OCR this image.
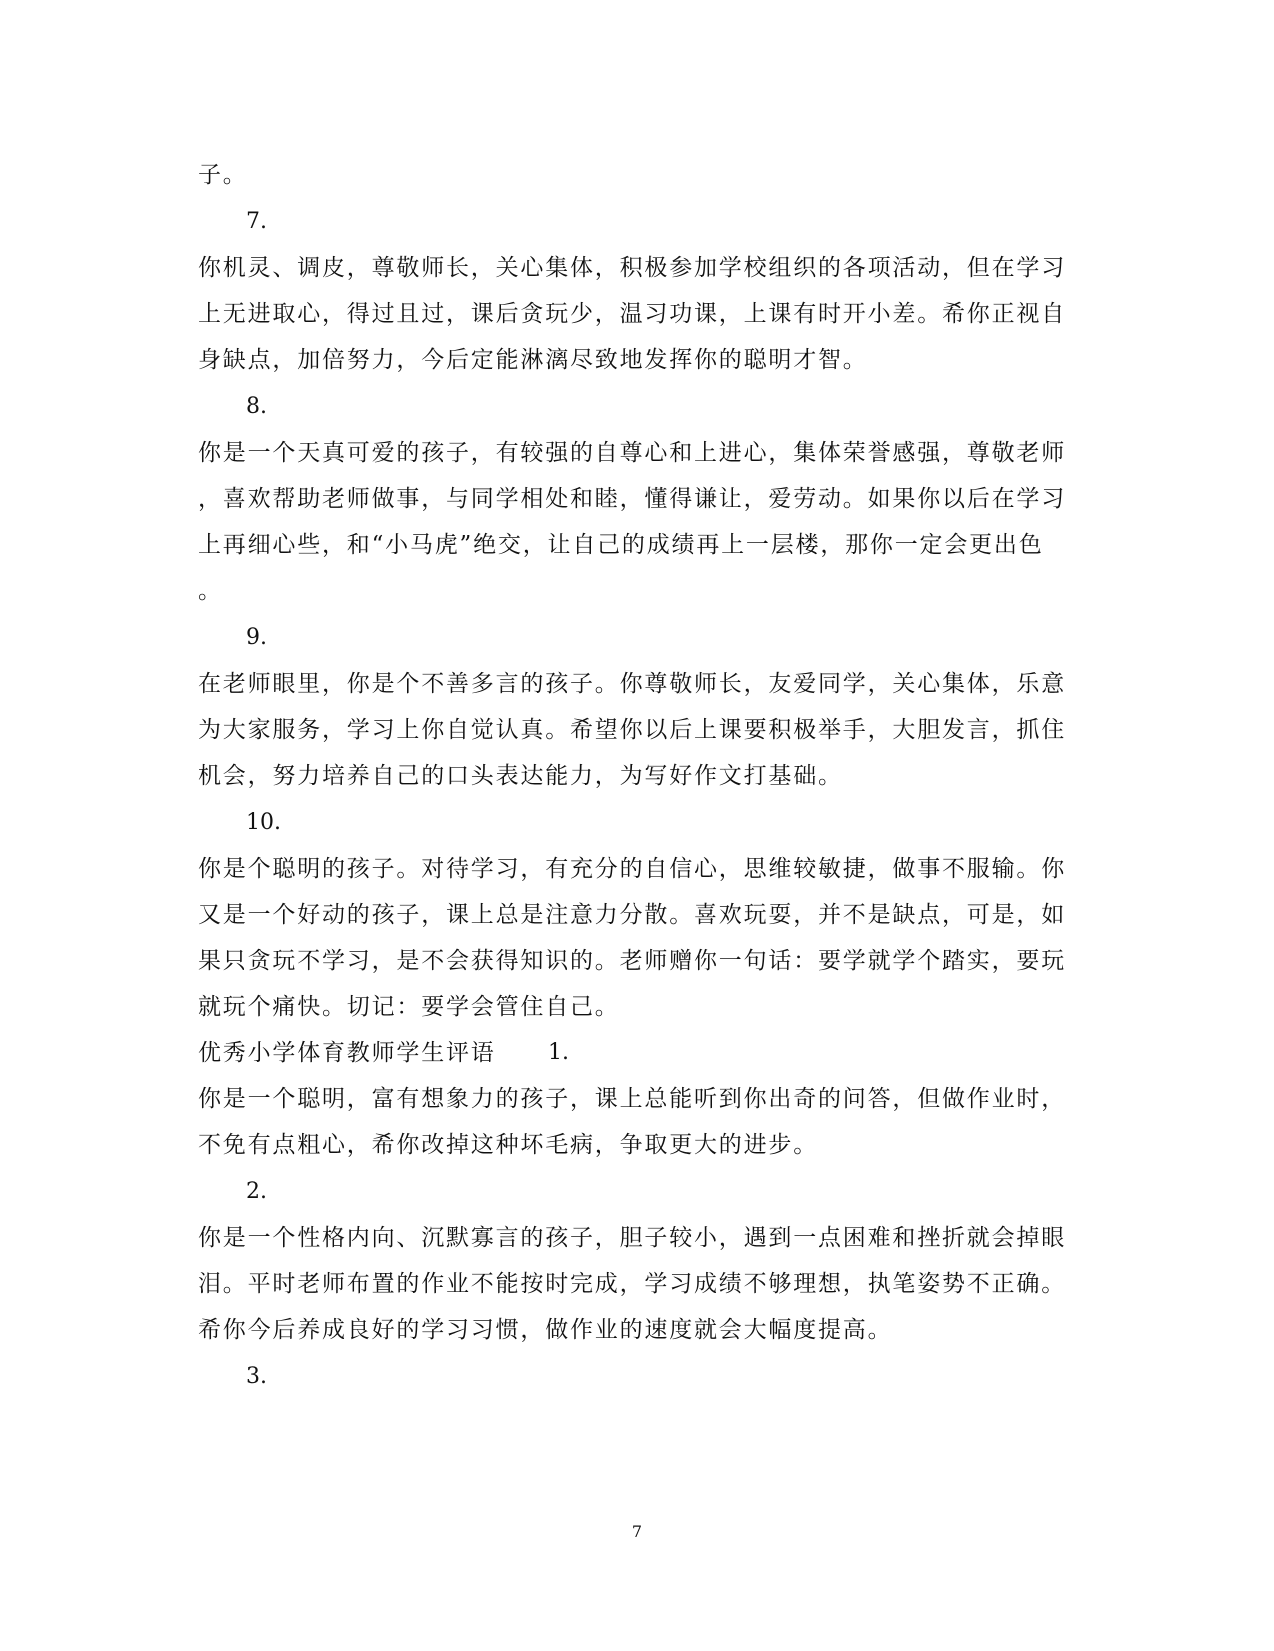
子。
7.
你机灵、调皮，尊敬师长，关心集体，积极参加学校组织的各项活动，但在学习
上无进取心，得过且过，课后贪玩少，温习功课，上课有时开小差。希你正视自
身缺点，加倍努力，今后定能淋漓尽致地发挥你的聪明才智。
8.
你是一个天真可爱的孩子，有较强的自尊心和上进心，集体荣誉感强，尊敬老师
，喜欢帮助老师做事，与同学相处和睦，懂得谦让，爱劳动。如果你以后在学习
上再细心些，和“小马虎”绝交，让自己的成绩再上一层楼，那你一定会更出色
。
9.
在老师眼里，你是个不善多言的孩子。你尊敬师长，友爱同学，关心集体，乐意
为大家服务，学习上你自觉认真。希望你以后上课要积极举手，大胆发言，抓住
机会，努力培养自己的口头表达能力，为写好作文打基础。
10.
你是个聪明的孩子。对待学习，有充分的自信心，思维较敏捷，做事不服输。你
又是一个好动的孩子，课上总是注意力分散。喜欢玩耍，并不是缺点，可是，如
果只贪玩不学习，是不会获得知识的。老师赠你一句话：要学就学个踏实，要玩
就玩个痛快。切记：要学会管住自己。
优秀小学体育教师学生评语 1.
你是一个聪明，富有想象力的孩子，课上总能听到你出奇的问答，但做作业时，
不免有点粗心，希你改掉这种坏毛病，争取更大的进步。
2.
你是一个性格内向、沉默寡言的孩子，胆子较小，遇到一点困难和挫折就会掉眼
泪。平时老师布置的作业不能按时完成，学习成绩不够理想，执笔姿势不正确。
希你今后养成良好的学习习惯，做作业的速度就会大幅度提高。
3.
7
